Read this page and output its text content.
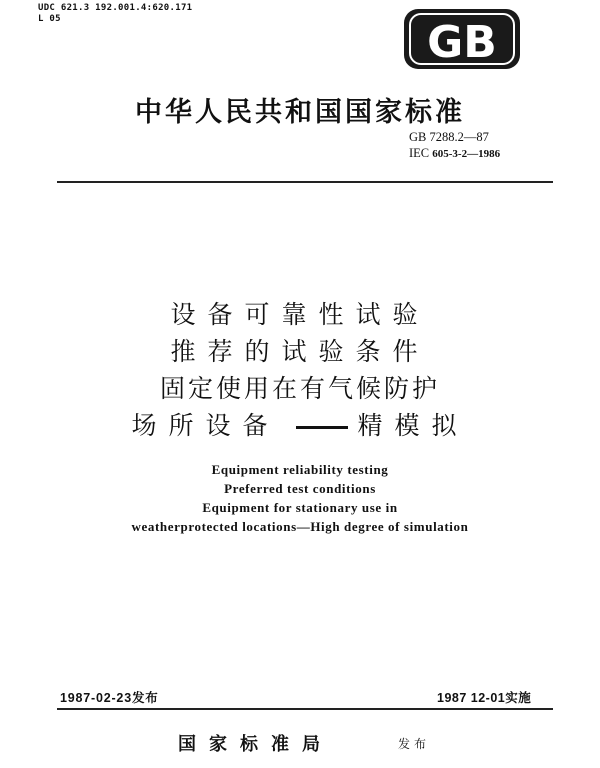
UDC 621.3 192.001.4:620.171
L 05	GB
中华人民共和国国家标准
GB 7288.2—87
IEC 605-3-2—1986
设备可靠性试验
推荐的试验条件
固定使用在有气候防护
场所设备	精模拟
Equipment reliability testing
Preferred test conditions
Equipment for stationary use in
weatherprotected locations—High degree of simulation
1987-02-23发布	1987 12-01实施
国家标准局	发布
